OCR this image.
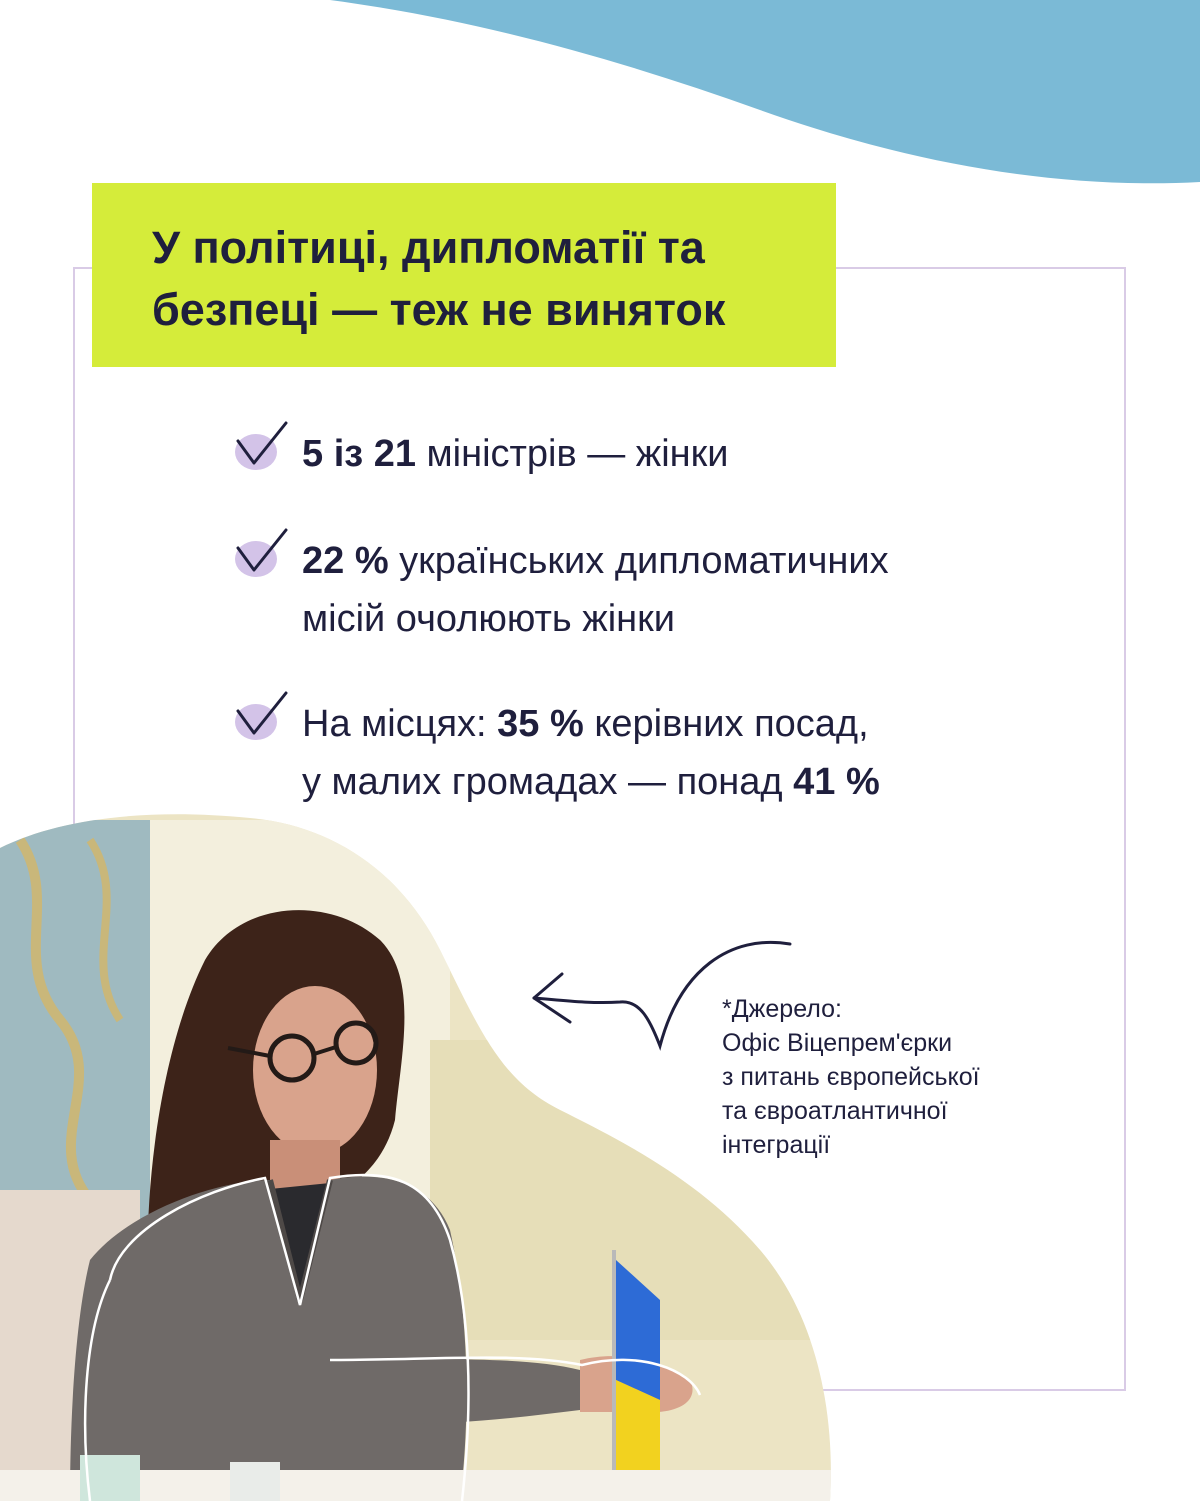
У політиці, дипломатії та
безпеці — теж не виняток

5 із 21 міністрів — жінки

22 % українських дипломатичних
місій очолюють жінки

На місцях: 35 % керівних посад,
у малих громадах — понад 41 %

*Джерело:
Офіс Віцепрем'єрки
з питань європейської
та євроатлантичної
інтеграції
